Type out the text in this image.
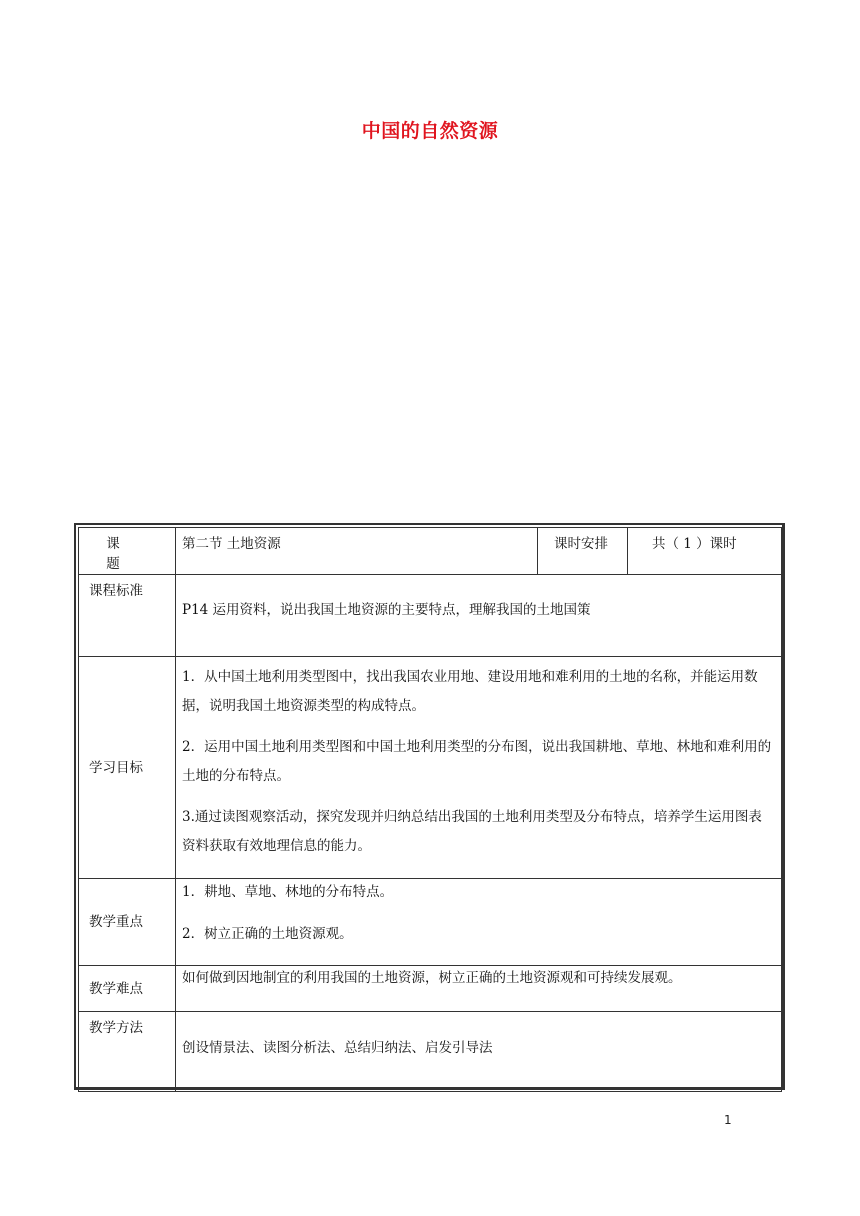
中国的自然资源
课 题	第二节 土地资源	课时安排	共（ 1 ）课时
课程标准	P14 运用资料，说出我国土地资源的主要特点，理解我国的土地国策		
学习目标	1．从中国土地利用类型图中，找出我国农业用地、建设用地和难利用的土地的名称，并能运用数据，说明我国土地资源类型的构成特点。

2．运用中国土地利用类型图和中国土地利用类型的分布图，说出我国耕地、草地、林地和难利用的土地的分布特点。

3.通过读图观察活动，探究发现并归纳总结出我国的土地利用类型及分布特点，培养学生运用图表资料获取有效地理信息的能力。		

教学重点	1．耕地、草地、林地的分布特点。

2．树立正确的土地资源观。		

教学难点	如何做到因地制宜的利用我国的土地资源，树立正确的土地资源观和可持续发展观。		
教学方法	创设情景法、读图分析法、总结归纳法、启发引导法		
1
